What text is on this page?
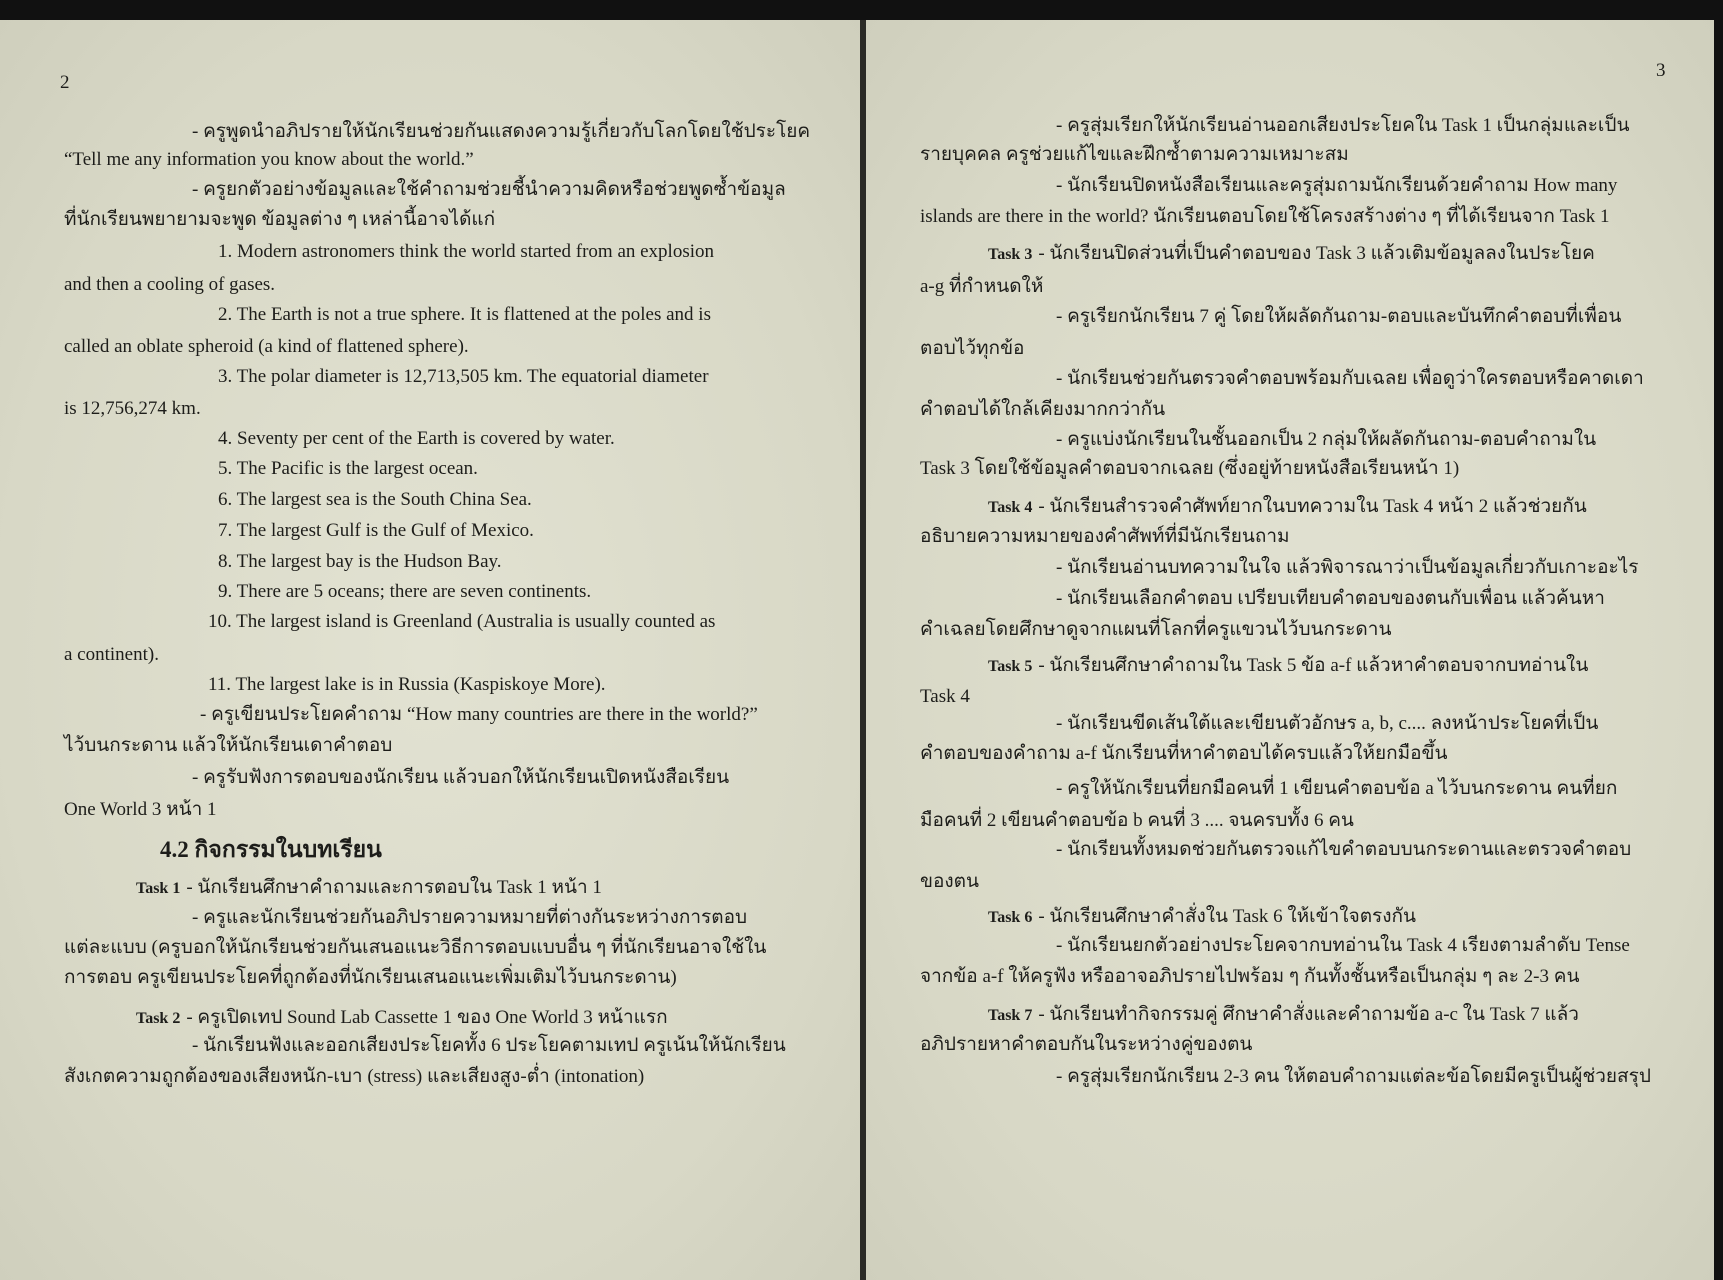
2
- ครูพูดนำอภิปรายให้นักเรียนช่วยกันแสดงความรู้เกี่ยวกับโลกโดยใช้ประโยค
“Tell me any information you know about the world.”
- ครูยกตัวอย่างข้อมูลและใช้คำถามช่วยชี้นำความคิดหรือช่วยพูดซ้ำข้อมูล
ที่นักเรียนพยายามจะพูด ข้อมูลต่าง ๆ เหล่านี้อาจได้แก่
1. Modern astronomers think the world started from an explosion
and then a cooling of gases.
2. The Earth is not a true sphere. It is flattened at the poles and is
called an oblate spheroid (a kind of flattened sphere).
3. The polar diameter is 12,713,505 km. The equatorial diameter
is 12,756,274 km.
4. Seventy per cent of the Earth is covered by water.
5. The Pacific is the largest ocean.
6. The largest sea is the South China Sea.
7. The largest Gulf is the Gulf of Mexico.
8. The largest bay is the Hudson Bay.
9. There are 5 oceans; there are seven continents.
10. The largest island is Greenland (Australia is usually counted as
a continent).
11. The largest lake is in Russia (Kaspiskoye More).
- ครูเขียนประโยคคำถาม “How many countries are there in the world?”
ไว้บนกระดาน แล้วให้นักเรียนเดาคำตอบ
- ครูรับฟังการตอบของนักเรียน แล้วบอกให้นักเรียนเปิดหนังสือเรียน
One World 3 หน้า 1
4.2 กิจกรรมในบทเรียน
Task 1 - นักเรียนศึกษาคำถามและการตอบใน Task 1 หน้า 1
- ครูและนักเรียนช่วยกันอภิปรายความหมายที่ต่างกันระหว่างการตอบ
แต่ละแบบ (ครูบอกให้นักเรียนช่วยกันเสนอแนะวิธีการตอบแบบอื่น ๆ ที่นักเรียนอาจใช้ใน
การตอบ ครูเขียนประโยคที่ถูกต้องที่นักเรียนเสนอแนะเพิ่มเติมไว้บนกระดาน)
Task 2 - ครูเปิดเทป Sound Lab Cassette 1 ของ One World 3 หน้าแรก
- นักเรียนฟังและออกเสียงประโยคทั้ง 6 ประโยคตามเทป ครูเน้นให้นักเรียน
สังเกตความถูกต้องของเสียงหนัก-เบา (stress) และเสียงสูง-ต่ำ (intonation)
3
- ครูสุ่มเรียกให้นักเรียนอ่านออกเสียงประโยคใน Task 1 เป็นกลุ่มและเป็น
รายบุคคล ครูช่วยแก้ไขและฝึกซ้ำตามความเหมาะสม
- นักเรียนปิดหนังสือเรียนและครูสุ่มถามนักเรียนด้วยคำถาม How many
islands are there in the world? นักเรียนตอบโดยใช้โครงสร้างต่าง ๆ ที่ได้เรียนจาก Task 1
Task 3 - นักเรียนปิดส่วนที่เป็นคำตอบของ Task 3 แล้วเติมข้อมูลลงในประโยค
a-g ที่กำหนดให้
- ครูเรียกนักเรียน 7 คู่ โดยให้ผลัดกันถาม-ตอบและบันทึกคำตอบที่เพื่อน
ตอบไว้ทุกข้อ
- นักเรียนช่วยกันตรวจคำตอบพร้อมกับเฉลย เพื่อดูว่าใครตอบหรือคาดเดา
คำตอบได้ใกล้เคียงมากกว่ากัน
- ครูแบ่งนักเรียนในชั้นออกเป็น 2 กลุ่มให้ผลัดกันถาม-ตอบคำถามใน
Task 3 โดยใช้ข้อมูลคำตอบจากเฉลย (ซึ่งอยู่ท้ายหนังสือเรียนหน้า 1)
Task 4 - นักเรียนสำรวจคำศัพท์ยากในบทความใน Task 4 หน้า 2 แล้วช่วยกัน
อธิบายความหมายของคำศัพท์ที่มีนักเรียนถาม
- นักเรียนอ่านบทความในใจ แล้วพิจารณาว่าเป็นข้อมูลเกี่ยวกับเกาะอะไร
- นักเรียนเลือกคำตอบ เปรียบเทียบคำตอบของตนกับเพื่อน แล้วค้นหา
คำเฉลยโดยศึกษาดูจากแผนที่โลกที่ครูแขวนไว้บนกระดาน
Task 5 - นักเรียนศึกษาคำถามใน Task 5 ข้อ a-f แล้วหาคำตอบจากบทอ่านใน
Task 4
- นักเรียนขีดเส้นใต้และเขียนตัวอักษร a, b, c.... ลงหน้าประโยคที่เป็น
คำตอบของคำถาม a-f นักเรียนที่หาคำตอบได้ครบแล้วให้ยกมือขึ้น
- ครูให้นักเรียนที่ยกมือคนที่ 1 เขียนคำตอบข้อ a ไว้บนกระดาน คนที่ยก
มือคนที่ 2 เขียนคำตอบข้อ b คนที่ 3 .... จนครบทั้ง 6 คน
- นักเรียนทั้งหมดช่วยกันตรวจแก้ไขคำตอบบนกระดานและตรวจคำตอบ
ของตน
Task 6 - นักเรียนศึกษาคำสั่งใน Task 6 ให้เข้าใจตรงกัน
- นักเรียนยกตัวอย่างประโยคจากบทอ่านใน Task 4 เรียงตามลำดับ Tense
จากข้อ a-f ให้ครูฟัง หรืออาจอภิปรายไปพร้อม ๆ กันทั้งชั้นหรือเป็นกลุ่ม ๆ ละ 2-3 คน
Task 7 - นักเรียนทำกิจกรรมคู่ ศึกษาคำสั่งและคำถามข้อ a-c ใน Task 7 แล้ว
อภิปรายหาคำตอบกันในระหว่างคู่ของตน
- ครูสุ่มเรียกนักเรียน 2-3 คน ให้ตอบคำถามแต่ละข้อโดยมีครูเป็นผู้ช่วยสรุป
